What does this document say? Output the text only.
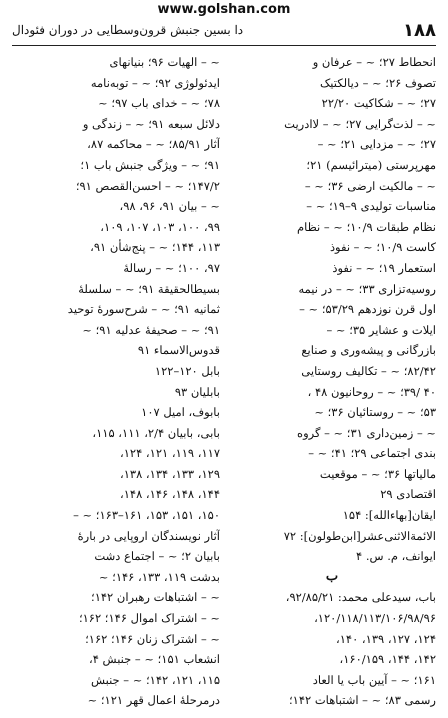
www.golshan.com
۱۸۸
دا بسین جنبش قرون‌وسطایی در دوران فئودال
انحطاط ۲۷؛ ~ – عرفان و
تصوف ۲۶؛ ~ – دیالکتیک
۲۷؛ ~ – شکاکیت ۲۲/۲۰
~ – لذت‌گرایی ۲۷؛ ~ – لاادریت
۲۷؛ ~ – مزدایی ۲۱؛ ~ –
مهرپرستی (میترائیسم) ۲۱؛
~ – مالکیت ارضی ۳۶؛ ~ –
مناسبات تولیدی ۹–۱۹؛ ~ –
نظام طبقات ۱۰/۹؛ ~ – نظام
کاست ۱۰/۹؛ ~ – نفوذ
استعمار ۱۹؛ ~ – نفوذ
روسیه‌تزاری ۳۳؛ ~ – در نیمه
اول قرن نوزدهم ۵۳/۲۹؛ ~ –
ایلات و عشایر ۳۵؛ ~ –
بازرگانی و پیشه‌وری و صنایع
۸۲/۴۲؛ ~ – تکالیف روستایی
۴۰ /۳۹؛ ~ – روحانیون ۴۸ ،
۵۳؛ ~ – روستائیان ۳۶؛ ~
~ – زمین‌داری ۳۱؛ ~ – گروه
بندی اجتماعی ۲۹؛ ۴۱؛ ~ –
مالیاتها ۳۶؛ ~ – موقعیت
اقتصادی ۲۹
ایقان[بهاءالله]: ۱۵۴
الائمةالاثنی‌عشر[ابن‌طولون]: ۷۲
ایوانف، م. س. ۴
ب
باب، سیدعلی محمد: ۹۲/۸۵/۲۱،
۱۲۰/۱۱۸/۱۱۳/۱۰۶/۹۸/۹۶،
۱۲۴، ۱۲۷، ۱۳۹، ۱۴۰،
۱۴۲، ۱۴۴، ۱۶۰/۱۵۹،
۱۶۱؛ ~ – آیین باب یا العاد
رسمی ۸۳؛ ~ – اشتباهات ۱۴۲؛
~ – الهیات ۹۶؛ بنیانهای
ایدئولوژی ۹۲؛ ~ – توبه‌نامه
۷۸؛ ~ – خدای باب ۹۷؛ ~
دلائل سبعه ۹۱؛ ~ – زندگی و
آثار ۸۵/۹۱؛ ~ – محاکمه ۸۷،
۹۱؛ ~ – ویژگی جنبش باب ۱؛
۱۴۷/۲؛ ~ – احسن‌القصص ۹۱؛
~ – بیان ۹۱، ۹۶، ۹۸،
۹۹، ۱۰۰، ۱۰۳، ۱۰۷، ۱۰۹،
۱۱۳، ۱۴۴؛ ~ – پنج‌شأن ۹۱،
۹۷، ۱۰۰؛ ~ – رسالهٔ
بسیطالحقیقة ۹۱؛ ~ – سلسلهٔ
ثمانیه ۹۱؛ ~ – شرح‌سورهٔ توحید
۹۱؛ ~ – صحیفهٔ عدلیه ۹۱؛ ~
قدوس‌الاسماء ۹۱
بابل ۱۲۰–۱۲۲
بابلیان ۹۳
بابوف، امیل ۱۰۷
بابی، بابیان ۲/۴، ۱۱۱، ۱۱۵،
۱۱۷، ۱۱۹، ۱۲۱، ۱۲۴،
۱۲۹، ۱۳۳، ۱۳۴، ۱۳۸،
۱۴۴، ۱۴۸، ۱۴۶، ۱۴۸،
۱۵۰، ۱۵۱، ۱۵۳، ۱۶۱–۱۶۳؛ ~ –
آثار نویسندگان اروپایی در بارهٔ
بابیان ۲؛ ~ – اجتماع دشت
بدشت ۱۱۹، ۱۳۳، ۱۴۶؛ ~
~ – اشتباهات رهبران ۱۴۲؛
~ – اشتراک اموال ۱۴۶؛ ۱۶۲؛
~ – اشتراک زنان ۱۴۶؛ ۱۶۲؛
انشعاب ۱۵۱؛ ~ – جنبش ۴،
۱۱۵، ۱۲۱، ۱۴۲؛ ~ – جنبش
درمرحلهٔ اعمال قهر ۱۲۱؛ ~
